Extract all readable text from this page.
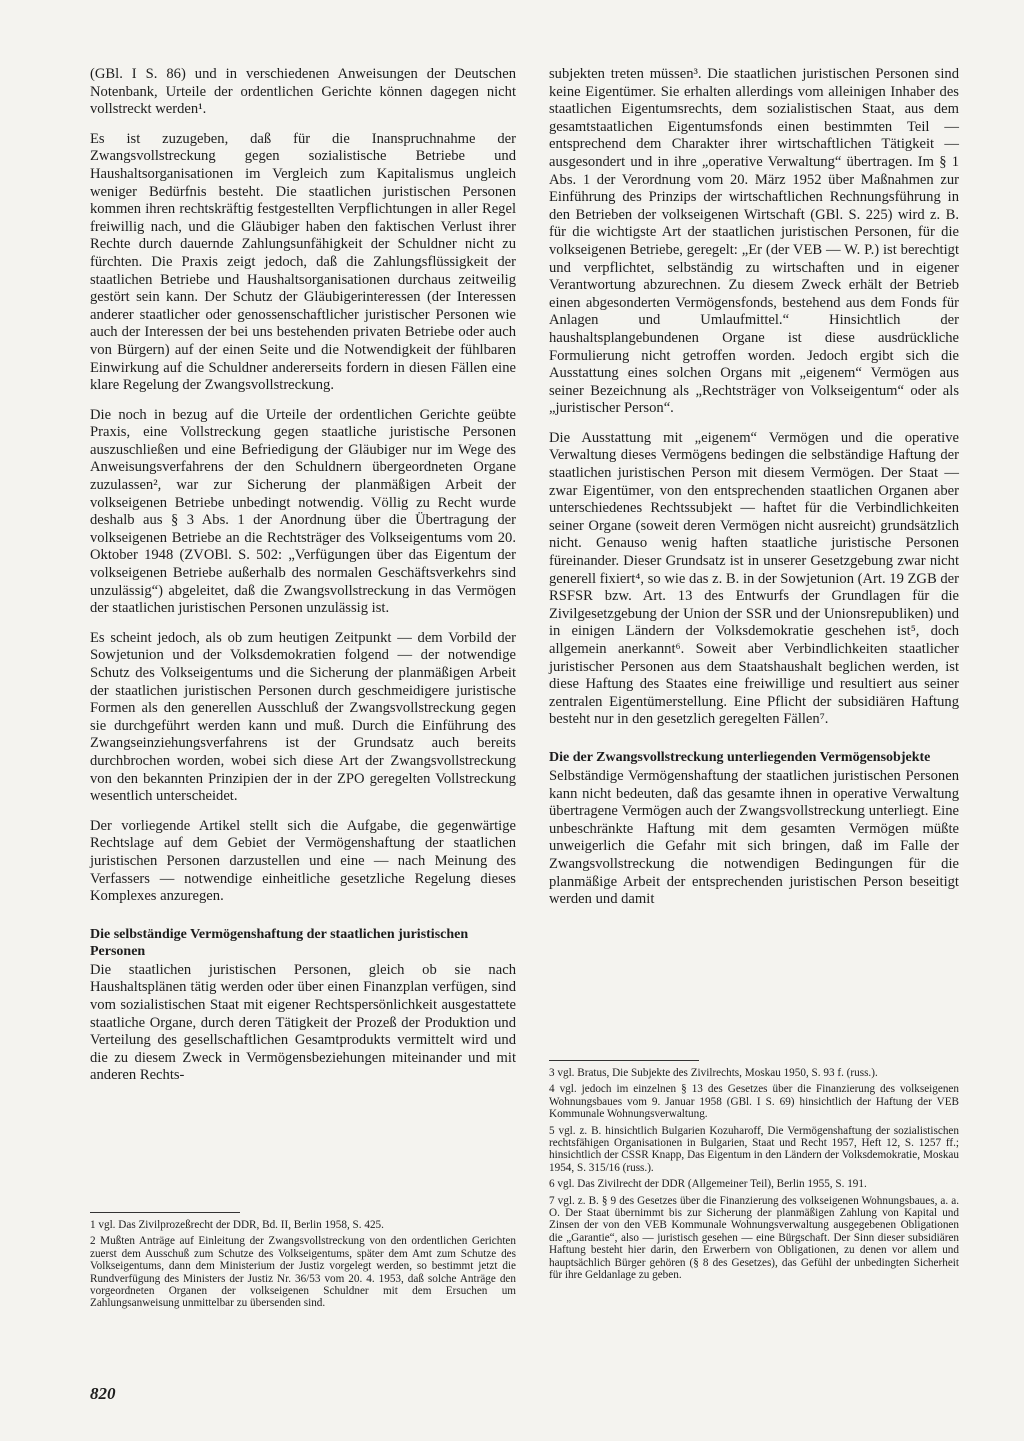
(GBl. I S. 86) und in verschiedenen Anweisungen der Deutschen Notenbank, Urteile der ordentlichen Gerichte können dagegen nicht vollstreckt werden¹.

Es ist zuzugeben, daß für die Inanspruchnahme der Zwangsvollstreckung gegen sozialistische Betriebe und Haushaltsorganisationen im Vergleich zum Kapitalismus ungleich weniger Bedürfnis besteht. Die staatlichen juristischen Personen kommen ihren rechtskräftig festgestellten Verpflichtungen in aller Regel freiwillig nach, und die Gläubiger haben den faktischen Verlust ihrer Rechte durch dauernde Zahlungsunfähigkeit der Schuldner nicht zu fürchten. Die Praxis zeigt jedoch, daß die Zahlungsflüssigkeit der staatlichen Betriebe und Haushaltsorganisationen durchaus zeitweilig gestört sein kann. Der Schutz der Gläubigerinteressen (der Interessen anderer staatlicher oder genossenschaftlicher juristischer Personen wie auch der Interessen der bei uns bestehenden privaten Betriebe oder auch von Bürgern) auf der einen Seite und die Notwendigkeit der fühlbaren Einwirkung auf die Schuldner andererseits fordern in diesen Fällen eine klare Regelung der Zwangsvollstreckung.

Die noch in bezug auf die Urteile der ordentlichen Gerichte geübte Praxis, eine Vollstreckung gegen staatliche juristische Personen auszuschließen und eine Befriedigung der Gläubiger nur im Wege des Anweisungsverfahrens der den Schuldnern übergeordneten Organe zuzulassen², war zur Sicherung der planmäßigen Arbeit der volkseigenen Betriebe unbedingt notwendig. Völlig zu Recht wurde deshalb aus § 3 Abs. 1 der Anordnung über die Übertragung der volkseigenen Betriebe an die Rechtsträger des Volkseigentums vom 20. Oktober 1948 (ZVOBl. S. 502: „Verfügungen über das Eigentum der volkseigenen Betriebe außerhalb des normalen Geschäftsverkehrs sind unzulässig“) abgeleitet, daß die Zwangsvollstreckung in das Vermögen der staatlichen juristischen Personen unzulässig ist.

Es scheint jedoch, als ob zum heutigen Zeitpunkt — dem Vorbild der Sowjetunion und der Volksdemokratien folgend — der notwendige Schutz des Volkseigentums und die Sicherung der planmäßigen Arbeit der staatlichen juristischen Personen durch geschmeidigere juristische Formen als den generellen Ausschluß der Zwangsvollstreckung gegen sie durchgeführt werden kann und muß. Durch die Einführung des Zwangseinziehungsverfahrens ist der Grundsatz auch bereits durchbrochen worden, wobei sich diese Art der Zwangsvollstreckung von den bekannten Prinzipien der in der ZPO geregelten Vollstreckung wesentlich unterscheidet.

Der vorliegende Artikel stellt sich die Aufgabe, die gegenwärtige Rechtslage auf dem Gebiet der Vermögenshaftung der staatlichen juristischen Personen darzustellen und eine — nach Meinung des Verfassers — notwendige einheitliche gesetzliche Regelung dieses Komplexes anzuregen.

Die selbständige Vermögenshaftung der staatlichen juristischen Personen

Die staatlichen juristischen Personen, gleich ob sie nach Haushaltsplänen tätig werden oder über einen Finanzplan verfügen, sind vom sozialistischen Staat mit eigener Rechtspersönlichkeit ausgestattete staatliche Organe, durch deren Tätigkeit der Prozeß der Produktion und Verteilung des gesellschaftlichen Gesamtprodukts vermittelt wird und die zu diesem Zweck in Vermögensbeziehungen miteinander und mit anderen Rechts-

subjekten treten müssen³. Die staatlichen juristischen Personen sind keine Eigentümer. Sie erhalten allerdings vom alleinigen Inhaber des staatlichen Eigentumsrechts, dem sozialistischen Staat, aus dem gesamtstaatlichen Eigentumsfonds einen bestimmten Teil — entsprechend dem Charakter ihrer wirtschaftlichen Tätigkeit — ausgesondert und in ihre „operative Verwaltung“ übertragen. Im § 1 Abs. 1 der Verordnung vom 20. März 1952 über Maßnahmen zur Einführung des Prinzips der wirtschaftlichen Rechnungsführung in den Betrieben der volkseigenen Wirtschaft (GBl. S. 225) wird z. B. für die wichtigste Art der staatlichen juristischen Personen, für die volkseigenen Betriebe, geregelt: „Er (der VEB — W. P.) ist berechtigt und verpflichtet, selbständig zu wirtschaften und in eigener Verantwortung abzurechnen. Zu diesem Zweck erhält der Betrieb einen abgesonderten Vermögensfonds, bestehend aus dem Fonds für Anlagen und Umlaufmittel.“ Hinsichtlich der haushaltsplangebundenen Organe ist diese ausdrückliche Formulierung nicht getroffen worden. Jedoch ergibt sich die Ausstattung eines solchen Organs mit „eigenem“ Vermögen aus seiner Bezeichnung als „Rechtsträger von Volkseigentum“ oder als „juristischer Person“.

Die Ausstattung mit „eigenem“ Vermögen und die operative Verwaltung dieses Vermögens bedingen die selbständige Haftung der staatlichen juristischen Person mit diesem Vermögen. Der Staat — zwar Eigentümer, von den entsprechenden staatlichen Organen aber unterschiedenes Rechtssubjekt — haftet für die Verbindlichkeiten seiner Organe (soweit deren Vermögen nicht ausreicht) grundsätzlich nicht. Genauso wenig haften staatliche juristische Personen füreinander. Dieser Grundsatz ist in unserer Gesetzgebung zwar nicht generell fixiert⁴, so wie das z. B. in der Sowjetunion (Art. 19 ZGB der RSFSR bzw. Art. 13 des Entwurfs der Grundlagen für die Zivilgesetzgebung der Union der SSR und der Unionsrepubliken) und in einigen Ländern der Volksdemokratie geschehen ist⁵, doch allgemein anerkannt⁶. Soweit aber Verbindlichkeiten staatlicher juristischer Personen aus dem Staatshaushalt beglichen werden, ist diese Haftung des Staates eine freiwillige und resultiert aus seiner zentralen Eigentümerstellung. Eine Pflicht der subsidiären Haftung besteht nur in den gesetzlich geregelten Fällen⁷.

Die der Zwangsvollstreckung unterliegenden Vermögensobjekte

Selbständige Vermögenshaftung der staatlichen juristischen Personen kann nicht bedeuten, daß das gesamte ihnen in operative Verwaltung übertragene Vermögen auch der Zwangsvollstreckung unterliegt. Eine unbeschränkte Haftung mit dem gesamten Vermögen müßte unweigerlich die Gefahr mit sich bringen, daß im Falle der Zwangsvollstreckung die notwendigen Bedingungen für die planmäßige Arbeit der entsprechenden juristischen Person beseitigt werden und damit

1 vgl. Das Zivilprozeßrecht der DDR, Bd. II, Berlin 1958, S. 425.

2 Mußten Anträge auf Einleitung der Zwangsvollstreckung von den ordentlichen Gerichten zuerst dem Ausschuß zum Schutze des Volkseigentums, später dem Amt zum Schutze des Volkseigentums, dann dem Ministerium der Justiz vorgelegt werden, so bestimmt jetzt die Rundverfügung des Ministers der Justiz Nr. 36/53 vom 20. 4. 1953, daß solche Anträge den vorgeordneten Organen der volkseigenen Schuldner mit dem Ersuchen um Zahlungsanweisung unmittelbar zu übersenden sind.

3 vgl. Bratus, Die Subjekte des Zivilrechts, Moskau 1950, S. 93 f. (russ.).

4 vgl. jedoch im einzelnen § 13 des Gesetzes über die Finanzierung des volkseigenen Wohnungsbaues vom 9. Januar 1958 (GBl. I S. 69) hinsichtlich der Haftung der VEB Kommunale Wohnungsverwaltung.

5 vgl. z. B. hinsichtlich Bulgarien Kozuharoff, Die Vermögenshaftung der sozialistischen rechtsfähigen Organisationen in Bulgarien, Staat und Recht 1957, Heft 12, S. 1257 ff.; hinsichtlich der CSSR Knapp, Das Eigentum in den Ländern der Volksdemokratie, Moskau 1954, S. 315/16 (russ.).

6 vgl. Das Zivilrecht der DDR (Allgemeiner Teil), Berlin 1955, S. 191.

7 vgl. z. B. § 9 des Gesetzes über die Finanzierung des volkseigenen Wohnungsbaues, a. a. O. Der Staat übernimmt bis zur Sicherung der planmäßigen Zahlung von Kapital und Zinsen der von den VEB Kommunale Wohnungsverwaltung ausgegebenen Obligationen die „Garantie“, also — juristisch gesehen — eine Bürgschaft. Der Sinn dieser subsidiären Haftung besteht hier darin, den Erwerbern von Obligationen, zu denen vor allem und hauptsächlich Bürger gehören (§ 8 des Gesetzes), das Gefühl der unbedingten Sicherheit für ihre Geldanlage zu geben.

820
